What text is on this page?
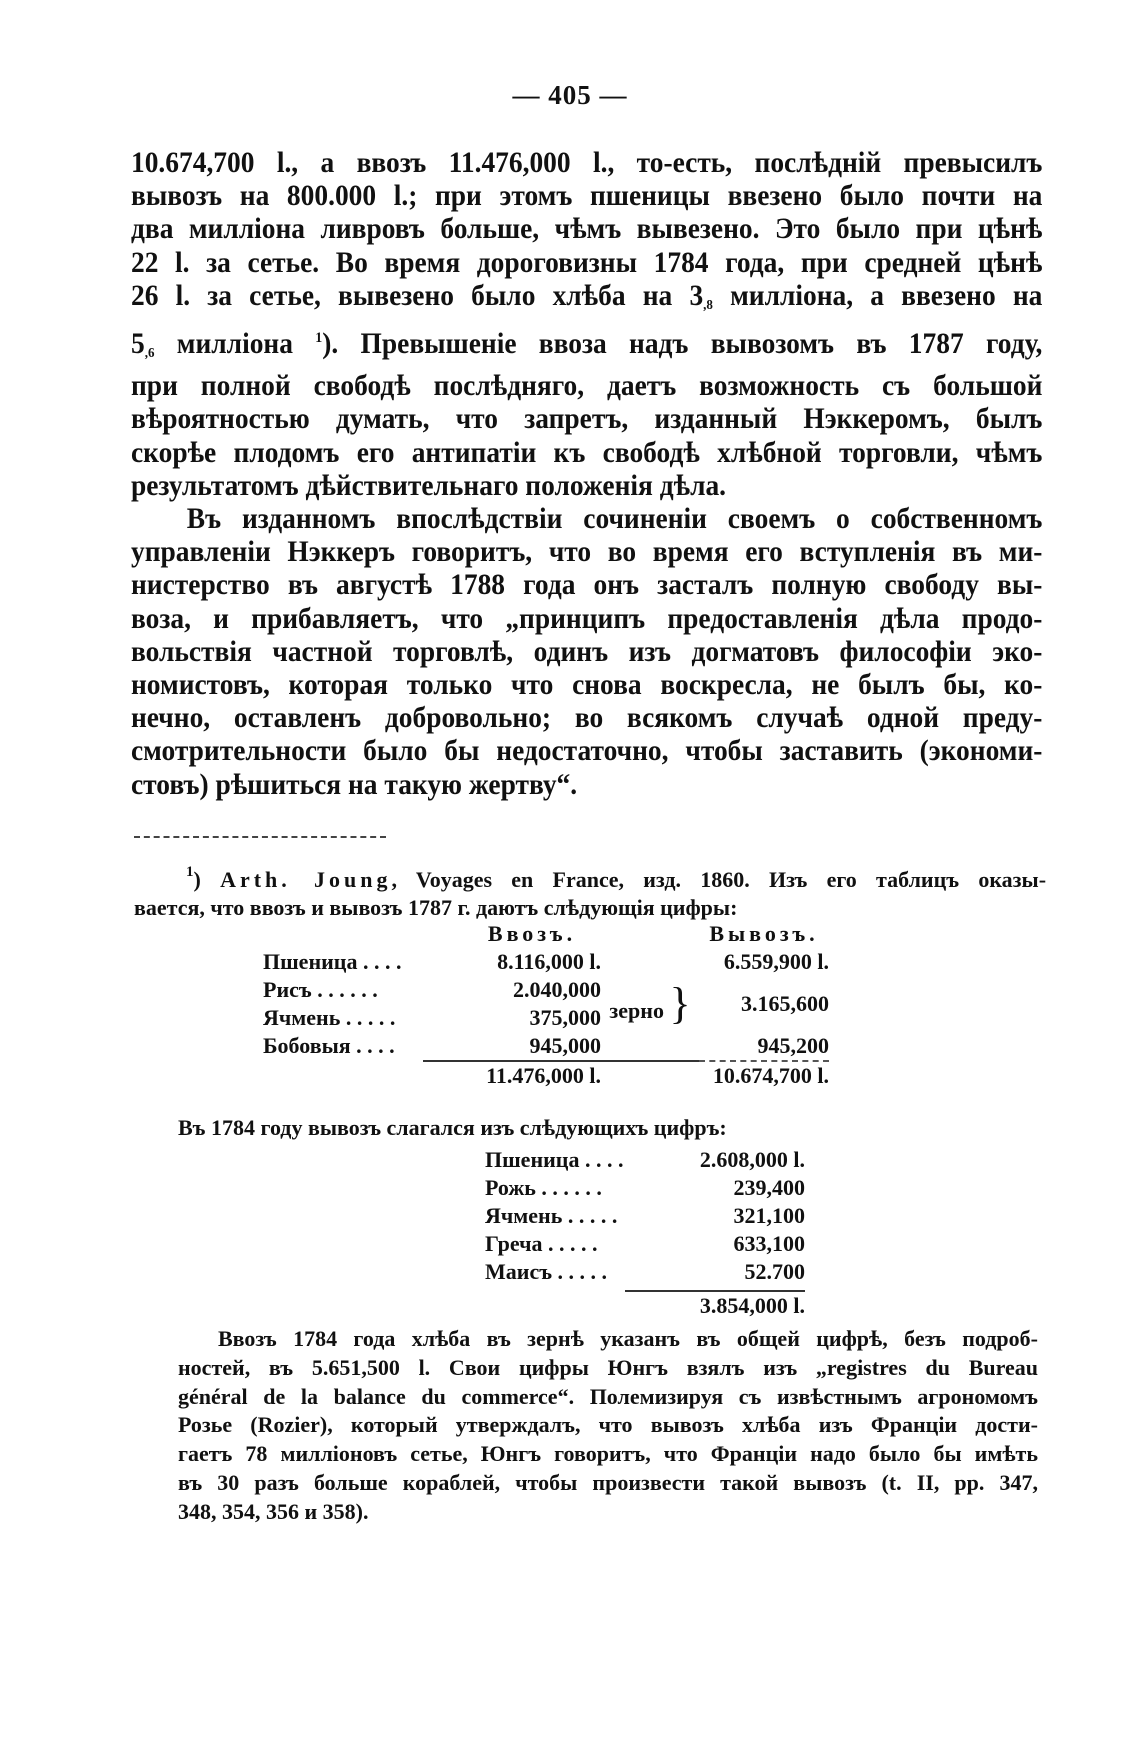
— 405 —
10.674,700 l., а ввозъ 11.476,000 l., то-есть, послѣднiй превысилъ
вывозъ на 800.000 l.; при этомъ пшеницы ввезено было почти на
два милліона ливровъ больше, чѣмъ вывезено. Это было при цѣнѣ
22 l. за сетье. Во время дороговизны 1784 года, при средней цѣнѣ
26 l. за сетье, вывезено было хлѣба на $3_{,8}$ милліона, а ввезено на
$5_{,6}$ милліона $^1$). Превышеніе ввоза надъ вывозомъ въ 1787 году,
при полной свободѣ послѣдняго, даетъ возможность съ большой
вѣроятностью думать, что запретъ, изданный Нэккеромъ, былъ
скорѣе плодомъ его антипатіи къ свободѣ хлѣбной торговли, чѣмъ
результатомъ дѣйствительнаго положенія дѣла.
Въ изданномъ впослѣдствіи сочиненіи своемъ о собственномъ
управленіи Нэккеръ говоритъ, что во время его вступленія въ ми-
нистерство въ августѣ 1788 года онъ засталъ полную свободу вы-
воза, и прибавляетъ, что „принципъ предоставленія дѣла продо-
вольствія частной торговлѣ, одинъ изъ догматовъ философіи эко-
номистовъ, которая только что снова воскресла, не былъ бы, ко-
нечно, оставленъ добровольно; во всякомъ случаѣ одной преду-
смотрительности было бы недостаточно, чтобы заставить (экономи-
стовъ) рѣшиться на такую жертву“.
$^1$) Arth. Joung, Voyages en France, изд. 1860. Изъ его таблицъ оказы-
вается, что ввозъ и вывозъ 1787 г. даютъ слѣдующія цифры:
	Ввозъ.		Вывозъ.
Пшеница . . . .	8.116,000 l.		6.559,900 l.
Рисъ . . . . . .	2.040,000	зерно }	3.165,600
Ячмень . . . . .	375,000		
Бобовыя . . . .	945,000		945,200

	11.476,000 l.		10.674,700 l.
Въ 1784 году вывозъ слагался изъ слѣдующихъ цифръ:
Пшеница . . . .	2.608,000 l.
Рожь . . . . . .	239,400
Ячмень . . . . .	321,100
Греча . . . . .	633,100
Маисъ . . . . .	52.700

	3.854,000 l.
Ввозъ 1784 года хлѣба въ зернѣ указанъ въ общей цифрѣ, безъ подроб-
ностей, въ 5.651,500 l. Свои цифры Юнгъ взялъ изъ „registres du Bureau
général de la balance du commerce“. Полемизируя съ извѣстнымъ агрономомъ
Розье (Rozier), который утверждалъ, что вывозъ хлѣба изъ Франціи дости-
гаетъ 78 милліоновъ сетье, Юнгъ говоритъ, что Франціи надо было бы имѣть
въ 30 разъ больше кораблей, чтобы произвести такой вывозъ (t. II, pp. 347,
348, 354, 356 и 358).
